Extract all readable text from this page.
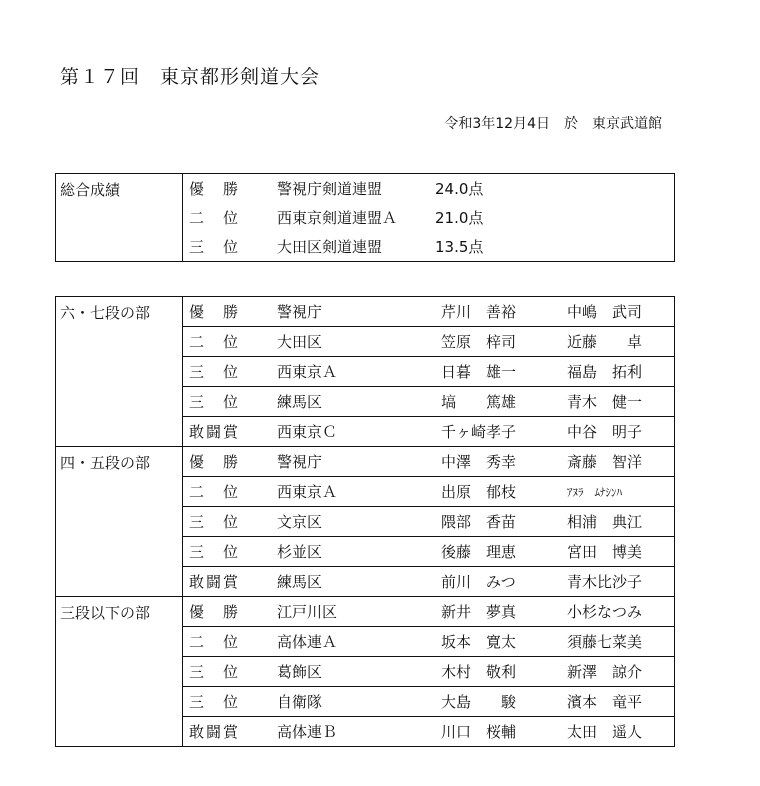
第１７回　東京都形剣道大会
令和3年12月4日　於　東京武道館
総合成績	優　勝	警視庁剣道連盟	24.0点
	二　位	西東京剣道連盟Ａ	21.0点
	三　位	大田区剣道連盟	13.5点
六・七段の部	優　勝	警視庁	芹川　善裕	中嶋　武司
	二　位	大田区	笠原　梓司	近藤　　卓
	三　位	西東京Ａ	日暮　雄一	福島　拓利
	三　位	練馬区	塙　　篤雄	青木　健一
	敢闘賞	西東京Ｃ	千ヶ崎孝子	中谷　明子
四・五段の部	優　勝	警視庁	中澤　秀幸	斎藤　智洋
	二　位	西東京Ａ	出原　郁枝	ｱﾇﾗ　ﾑﾅｼﾝﾊ
	三　位	文京区	隈部　香苗	相浦　典江
	三　位	杉並区	後藤　理恵	宮田　博美
	敢闘賞	練馬区	前川　みつ	青木比沙子
三段以下の部	優　勝	江戸川区	新井　夢真	小杉なつみ
	二　位	高体連Ａ	坂本　寛太	須藤七菜美
	三　位	葛飾区	木村　敬利	新澤　諒介
	三　位	自衛隊	大島　　駿	濱本　竜平
	敢闘賞	高体連Ｂ	川口　桜輔	太田　遥人
